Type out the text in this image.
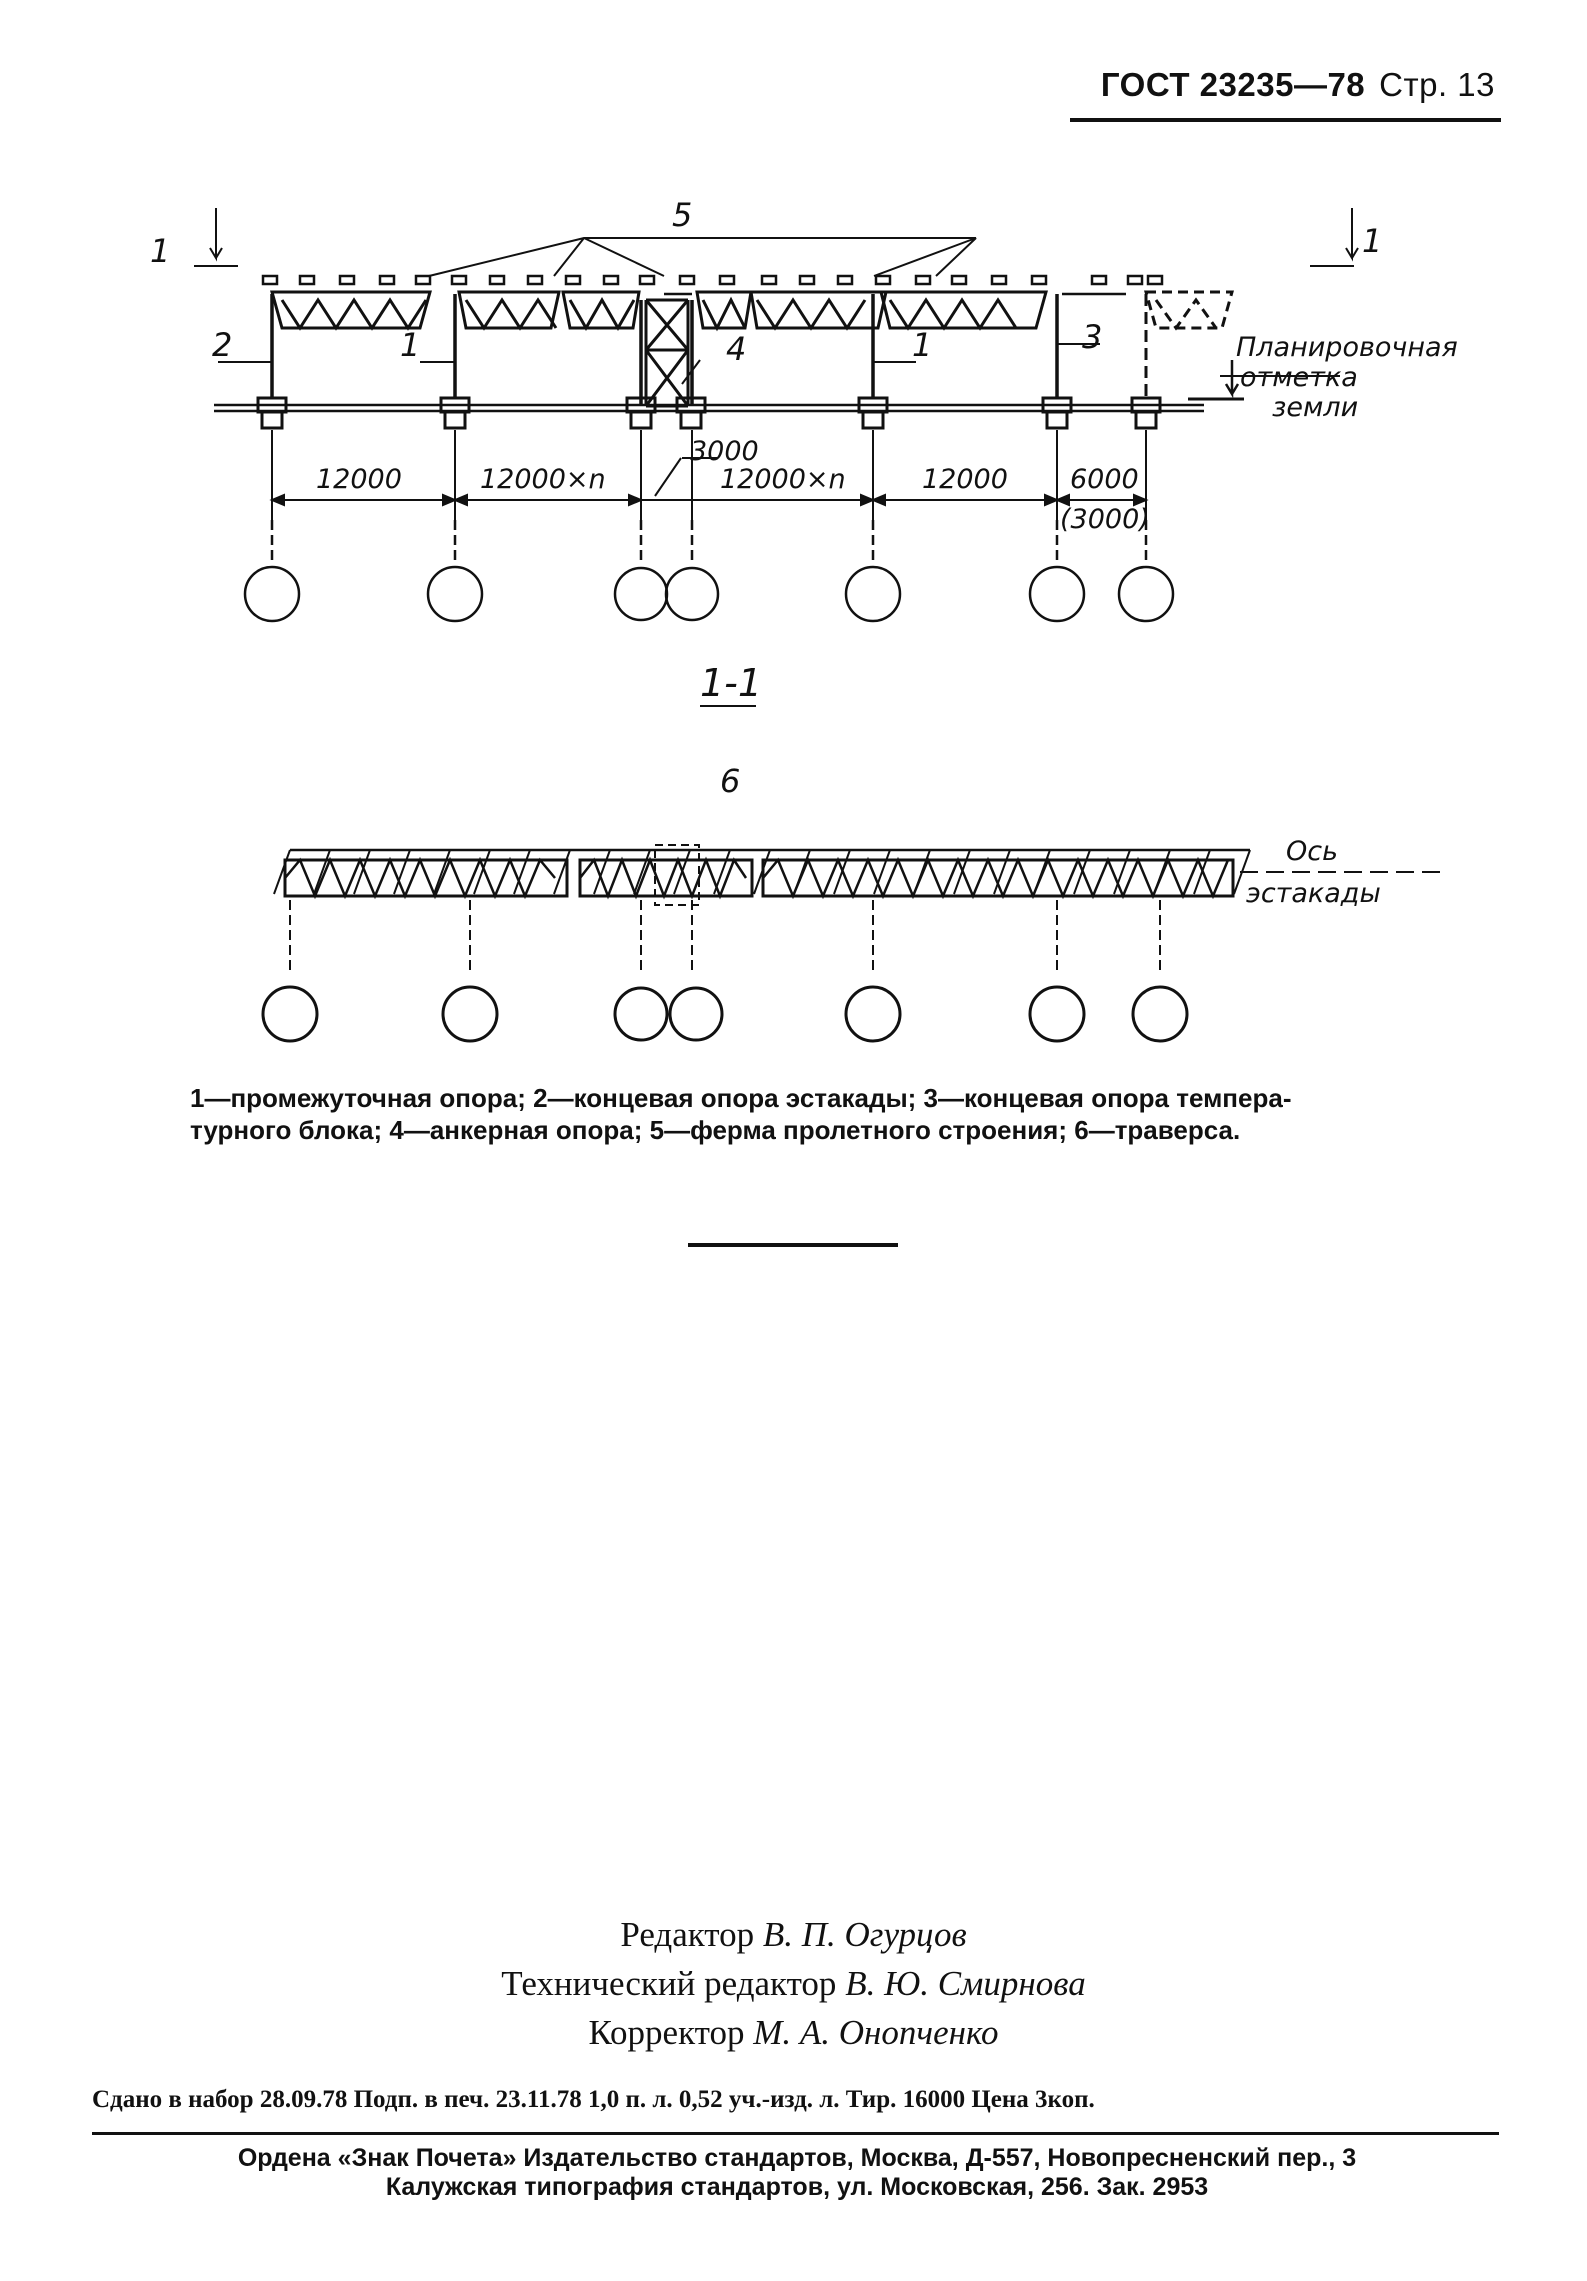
ГОСТ 23235—78 Стр. 13
1	1
5
2	1	4	1	3	Планировочная
отметка
земли
12000	12000×n
3000
12000×n	12000 6000
(3000)
1-1
6
Ось
эстакады

1—промежуточная опора; 2—концевая опора эстакады; 3—концевая опора темпера-

турного блока; 4—анкерная опора; 5—ферма пролетного строения; 6—траверса.

Редактор В. П. Огурцов
Технический редактор В. Ю. Смирнова
Корректор М. А. Онопченко
Сдано в набор 28.09.78 Подп. в печ. 23.11.78 1,0 п. л. 0,52 уч.-изд. л. Тир. 16000 Цена 3коп.

Ордена «Знак Почета» Издательство стандартов, Москва, Д-557, Новопресненский пер., 3

Калужская типография стандартов, ул. Московская, 256. Зак. 2953
